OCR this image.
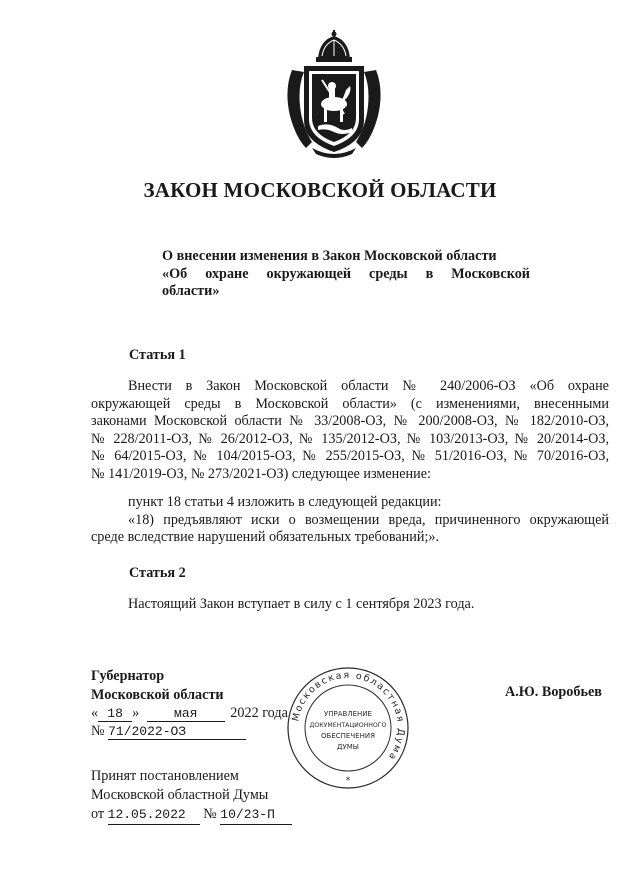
ЗАКОН МОСКОВСКОЙ ОБЛАСТИ
О внесении изменения в Закон Московской области
«Об охране окружающей среды в Московской
области»
Статья 1
Внести в Закон Московской области № 240/2006-ОЗ «Об охране
окружающей среды в Московской области» (с изменениями, внесенными
законами Московской области № 33/2008-ОЗ, № 200/2008-ОЗ, № 182/2010-ОЗ,
№ 228/2011-ОЗ, № 26/2012-ОЗ, № 135/2012-ОЗ, № 103/2013-ОЗ, № 20/2014-ОЗ,
№ 64/2015-ОЗ, № 104/2015-ОЗ, № 255/2015-ОЗ, № 51/2016-ОЗ, № 70/2016-ОЗ,
№ 141/2019-ОЗ, № 273/2021-ОЗ) следующее изменение:
пункт 18 статьи 4 изложить в следующей редакции:
«18) предъявляют иски о возмещении вреда, причиненного окружающей
среде вследствие нарушений обязательных требований;».
Статья 2
Настоящий Закон вступает в силу с 1 сентября 2023 года.
Губернатор
Московской области	А.Ю. Воробьев
« 18 »	мая 2022 года
№ 71/2022-ОЗ
Московская областная Дума
УПРАВЛЕНИЕ
ДОКУМЕНТАЦИОННОГО
ОБЕСПЕЧЕНИЯ
ДУМЫ
*
Принят постановлением
Московской областной Думы
от 12.05.2022 № 10/23-П
